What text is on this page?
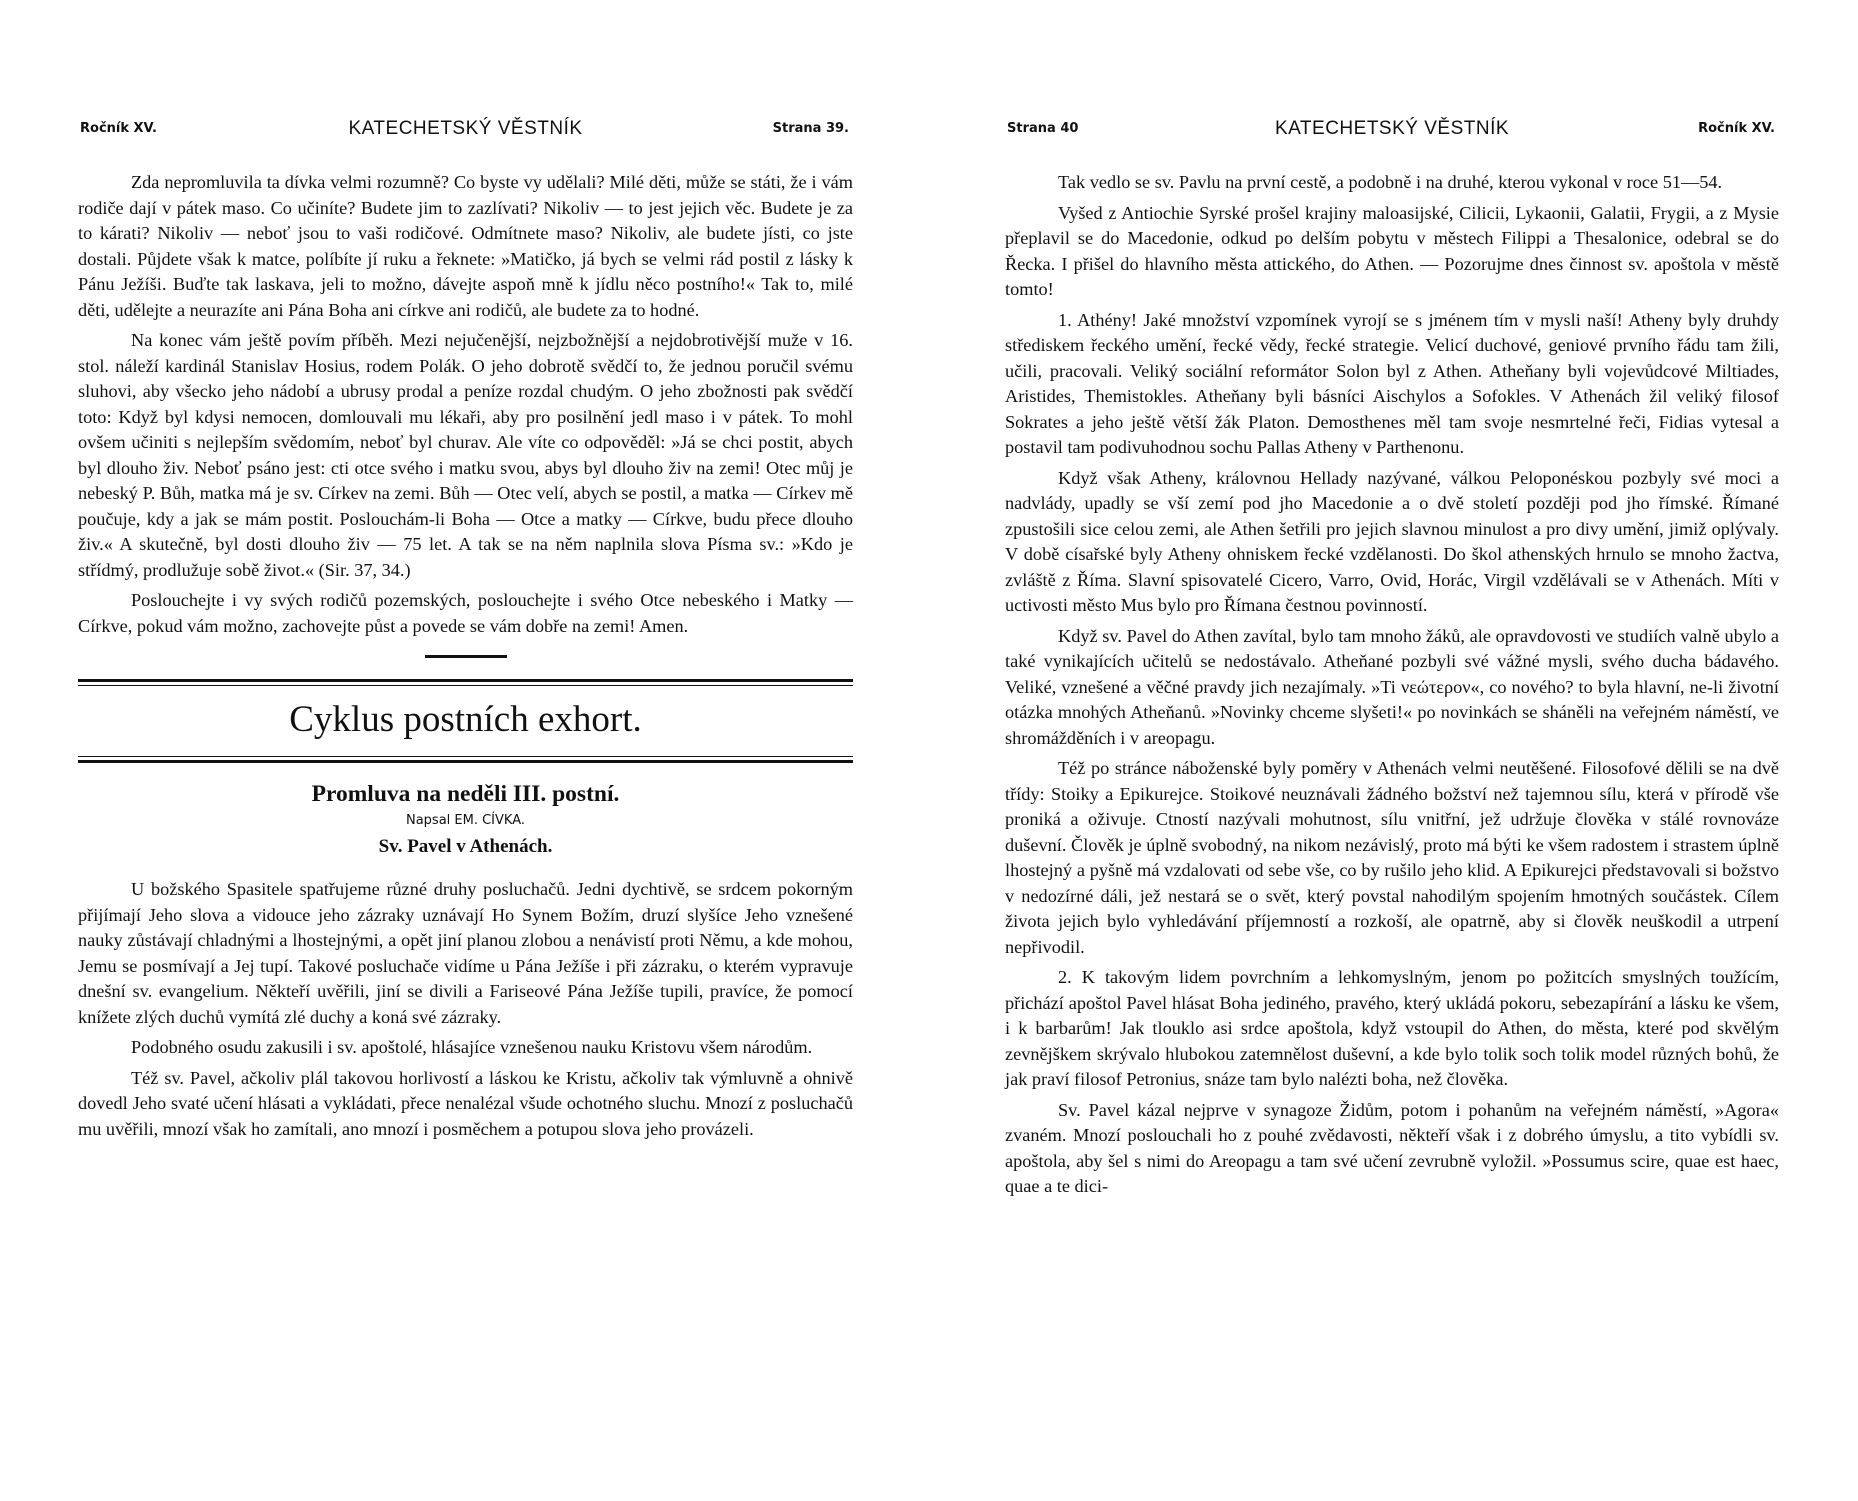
Ročník XV.	KATECHETSKÝ VĚSTNÍK	Strana 39.

Zda nepromluvila ta dívka velmi rozumně? Co byste vy udělali? Milé děti, může se státi, že i vám rodiče dají v pátek maso. Co učiníte? Budete jim to zazlívati? Nikoliv — to jest jejich věc. Budete je za to kárati? Nikoliv — neboť jsou to vaši rodičové. Odmítnete maso? Nikoliv, ale budete jísti, co jste dostali. Půjdete však k matce, políbíte jí ruku a řeknete: »Matičko, já bych se velmi rád postil z lásky k Pánu Ježíši. Buďte tak laskava, jeli to možno, dávejte aspoň mně k jídlu něco postního!« Tak to, milé děti, udělejte a neurazíte ani Pána Boha ani církve ani rodičů, ale budete za to hodné.

Na konec vám ještě povím příběh. Mezi nejučenější, nejzbožnější a nejdobrotivější muže v 16. stol. náleží kardinál Stanislav Hosius, rodem Polák. O jeho dobrotě svědčí to, že jednou poručil svému sluhovi, aby všecko jeho nádobí a ubrusy prodal a peníze rozdal chudým. O jeho zbožnosti pak svědčí toto: Když byl kdysi nemocen, domlouvali mu lékaři, aby pro posilnění jedl maso i v pátek. To mohl ovšem učiniti s nejlepším svědomím, neboť byl churav. Ale víte co odpověděl: »Já se chci postit, abych byl dlouho živ. Neboť psáno jest: cti otce svého i matku svou, abys byl dlouho živ na zemi! Otec můj je nebeský P. Bůh, matka má je sv. Církev na zemi. Bůh — Otec velí, abych se postil, a matka — Církev mě poučuje, kdy a jak se mám postit. Poslouchám-li Boha — Otce a matky — Církve, budu přece dlouho živ.« A skutečně, byl dosti dlouho živ — 75 let. A tak se na něm naplnila slova Písma sv.: »Kdo je střídmý, prodlužuje sobě život.« (Sir. 37, 34.)

Poslouchejte i vy svých rodičů pozemských, poslouchejte i svého Otce nebeského i Matky — Církve, pokud vám možno, zachovejte půst a povede se vám dobře na zemi! Amen.

Cyklus postních exhort.
Promluva na neděli III. postní.
Napsal EM. CÍVKA.
Sv. Pavel v Athenách.

U božského Spasitele spatřujeme různé druhy posluchačů. Jedni dychtivě, se srdcem pokorným přijímají Jeho slova a vidouce jeho zázraky uznávají Ho Synem Božím, druzí slyšíce Jeho vznešené nauky zůstávají chladnými a lhostejnými, a opět jiní planou zlobou a nenávistí proti Němu, a kde mohou, Jemu se posmívají a Jej tupí. Takové posluchače vidíme u Pána Ježíše i při zázraku, o kterém vypravuje dnešní sv. evangelium. Někteří uvěřili, jiní se divili a Fariseové Pána Ježíše tupili, pravíce, že pomocí knížete zlých duchů vymítá zlé duchy a koná své zázraky.

Podobného osudu zakusili i sv. apoštolé, hlásajíce vznešenou nauku Kristovu všem národům.

Též sv. Pavel, ačkoliv plál takovou horlivostí a láskou ke Kristu, ačkoliv tak výmluvně a ohnivě dovedl Jeho svaté učení hlásati a vykládati, přece nenalézal všude ochotného sluchu. Mnozí z posluchačů mu uvěřili, mnozí však ho zamítali, ano mnozí i posměchem a potupou slova jeho provázeli.

Strana 40	KATECHETSKÝ VĚSTNÍK	Ročník XV.

Tak vedlo se sv. Pavlu na první cestě, a podobně i na druhé, kterou vykonal v roce 51—54.

Vyšed z Antiochie Syrské prošel krajiny maloasijské, Cilicii, Lykaonii, Galatii, Frygii, a z Mysie přeplavil se do Macedonie, odkud po delším pobytu v městech Filippi a Thesalonice, odebral se do Řecka. I přišel do hlavního města attického, do Athen. — Pozorujme dnes činnost sv. apoštola v městě tomto!

1. Athény! Jaké množství vzpomínek vyrojí se s jménem tím v mysli naší! Atheny byly druhdy střediskem řeckého umění, řecké vědy, řecké strategie. Velicí duchové, geniové prvního řádu tam žili, učili, pracovali. Veliký sociální reformátor Solon byl z Athen. Atheňany byli vojevůdcové Miltiades, Aristides, Themistokles. Atheňany byli básníci Aischylos a Sofokles. V Athenách žil veliký filosof Sokrates a jeho ještě větší žák Platon. Demosthenes měl tam svoje nesmrtelné řeči, Fidias vytesal a postavil tam podivuhodnou sochu Pallas Atheny v Parthenonu.

Když však Atheny, královnou Hellady nazývané, válkou Peloponéskou pozbyly své moci a nadvlády, upadly se vší zemí pod jho Macedonie a o dvě století později pod jho římské. Římané zpustošili sice celou zemi, ale Athen šetřili pro jejich slavnou minulost a pro divy umění, jimiž oplývaly. V době císařské byly Atheny ohniskem řecké vzdělanosti. Do škol athenských hrnulo se mnoho žactva, zvláště z Říma. Slavní spisovatelé Cicero, Varro, Ovid, Horác, Virgil vzdělávali se v Athenách. Míti v uctivosti město Mus bylo pro Římana čestnou povinností.

Když sv. Pavel do Athen zavítal, bylo tam mnoho žáků, ale opravdovosti ve studiích valně ubylo a také vynikajících učitelů se nedostávalo. Atheňané pozbyli své vážné mysli, svého ducha bádavého. Veliké, vznešené a věčné pravdy jich nezajímaly. »Ti νεώτερον«, co nového? to byla hlavní, ne-li životní otázka mnohých Atheňanů. »Novinky chceme slyšeti!« po novinkách se sháněli na veřejném náměstí, ve shromážděních i v areopagu.

Též po stránce náboženské byly poměry v Athenách velmi neutěšené. Filosofové dělili se na dvě třídy: Stoiky a Epikurejce. Stoikové neuznávali žádného božství než tajemnou sílu, která v přírodě vše proniká a oživuje. Ctností nazývali mohutnost, sílu vnitřní, jež udržuje člověka v stálé rovnováze duševní. Člověk je úplně svobodný, na nikom nezávislý, proto má býti ke všem radostem i strastem úplně lhostejný a pyšně má vzdalovati od sebe vše, co by rušilo jeho klid. A Epikurejci představovali si božstvo v nedozírné dáli, jež nestará se o svět, který povstal nahodilým spojením hmotných součástek. Cílem života jejich bylo vyhledávání příjemností a rozkoší, ale opatrně, aby si člověk neuškodil a utrpení nepřivodil.

2. K takovým lidem povrchním a lehkomyslným, jenom po požitcích smyslných toužícím, přichází apoštol Pavel hlásat Boha jediného, pravého, který ukládá pokoru, sebezapírání a lásku ke všem, i k barbarům! Jak tlouklo asi srdce apoštola, když vstoupil do Athen, do města, které pod skvělým zevnějškem skrývalo hlubokou zatemnělost duševní, a kde bylo tolik soch tolik model různých bohů, že jak praví filosof Petronius, snáze tam bylo nalézti boha, než člověka.

Sv. Pavel kázal nejprve v synagoze Židům, potom i pohanům na veřejném náměstí, »Agora« zvaném. Mnozí poslouchali ho z pouhé zvědavosti, někteří však i z dobrého úmyslu, a tito vybídli sv. apoštola, aby šel s nimi do Areopagu a tam své učení zevrubně vyložil. »Possumus scire, quae est haec, quae a te dici-
